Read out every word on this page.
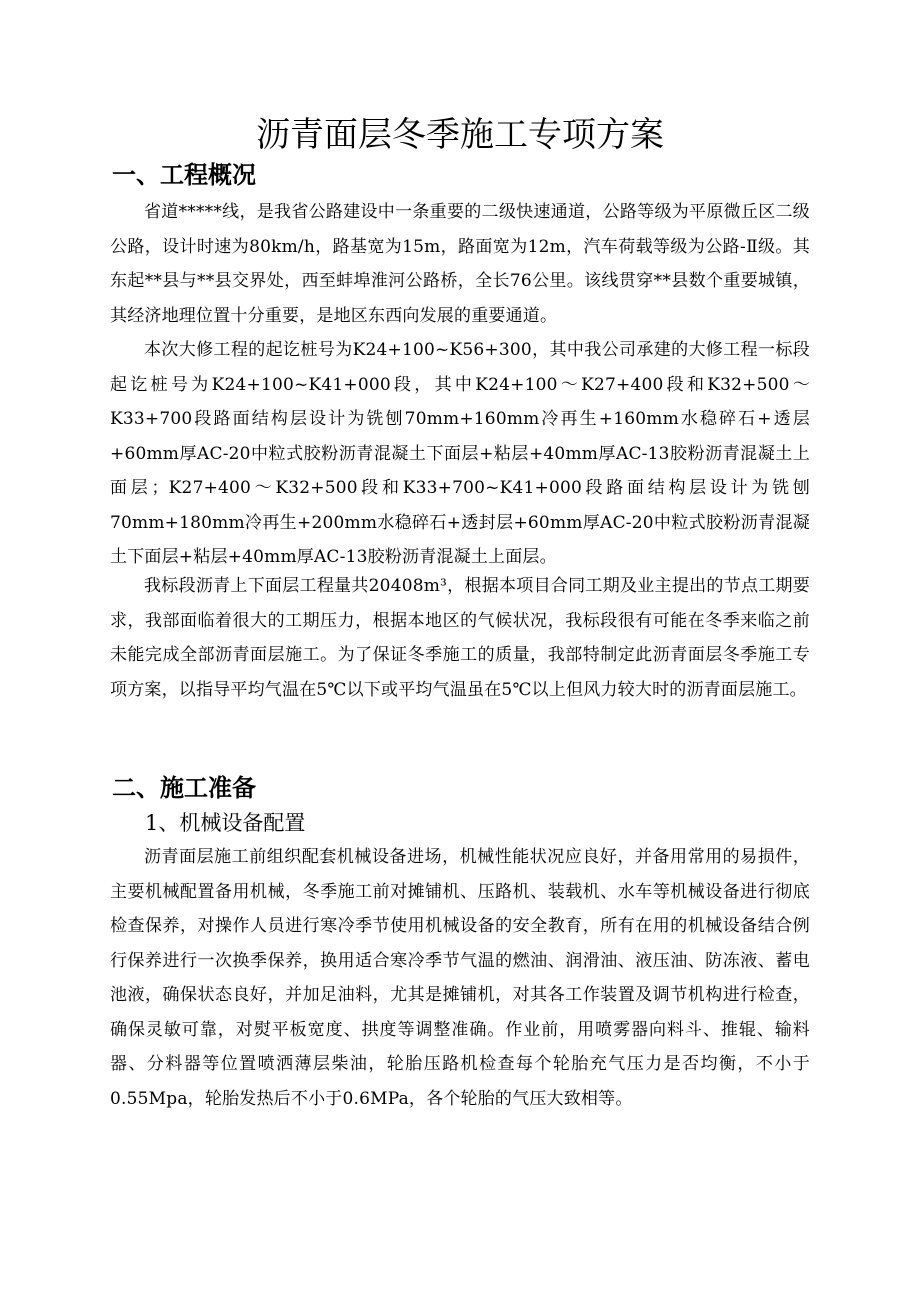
沥青面层冬季施工专项方案
一、工程概况

省道*****线，是我省公路建设中一条重要的二级快速通道，公路等级为平原微丘区二级公路，设计时速为80km/h，路基宽为15m，路面宽为12m，汽车荷载等级为公路-Ⅱ级。其东起**县与**县交界处，西至蚌埠淮河公路桥，全长76公里。该线贯穿**县数个重要城镇，其经济地理位置十分重要，是地区东西向发展的重要通道。

本次大修工程的起讫桩号为K24+100~K56+300，其中我公司承建的大修工程一标段起讫桩号为K24+100~K41+000段，其中K24+100～K27+400段和K32+500～K33+700段路面结构层设计为铣刨70mm+160mm冷再生+160mm水稳碎石+透层+60mm厚AC-20中粒式胶粉沥青混凝土下面层+粘层+40mm厚AC-13胶粉沥青混凝土上面层；K27+400～K32+500段和K33+700~K41+000段路面结构层设计为铣刨70mm+180mm冷再生+200mm水稳碎石+透封层+60mm厚AC-20中粒式胶粉沥青混凝土下面层+粘层+40mm厚AC-13胶粉沥青混凝土上面层。

我标段沥青上下面层工程量共20408m³，根据本项目合同工期及业主提出的节点工期要求，我部面临着很大的工期压力，根据本地区的气候状况，我标段很有可能在冬季来临之前未能完成全部沥青面层施工。为了保证冬季施工的质量，我部特制定此沥青面层冬季施工专项方案，以指导平均气温在5℃以下或平均气温虽在5℃以上但风力较大时的沥青面层施工。

二、施工准备
1、机械设备配置

沥青面层施工前组织配套机械设备进场，机械性能状况应良好，并备用常用的易损件，主要机械配置备用机械，冬季施工前对摊铺机、压路机、装载机、水车等机械设备进行彻底检查保养，对操作人员进行寒冷季节使用机械设备的安全教育，所有在用的机械设备结合例行保养进行一次换季保养，换用适合寒冷季节气温的燃油、润滑油、液压油、防冻液、蓄电池液，确保状态良好，并加足油料，尤其是摊铺机，对其各工作装置及调节机构进行检查，确保灵敏可靠，对熨平板宽度、拱度等调整准确。作业前，用喷雾器向料斗、推辊、输料器、分料器等位置喷洒薄层柴油，轮胎压路机检查每个轮胎充气压力是否均衡，不小于0.55Mpa，轮胎发热后不小于0.6MPa，各个轮胎的气压大致相等。
